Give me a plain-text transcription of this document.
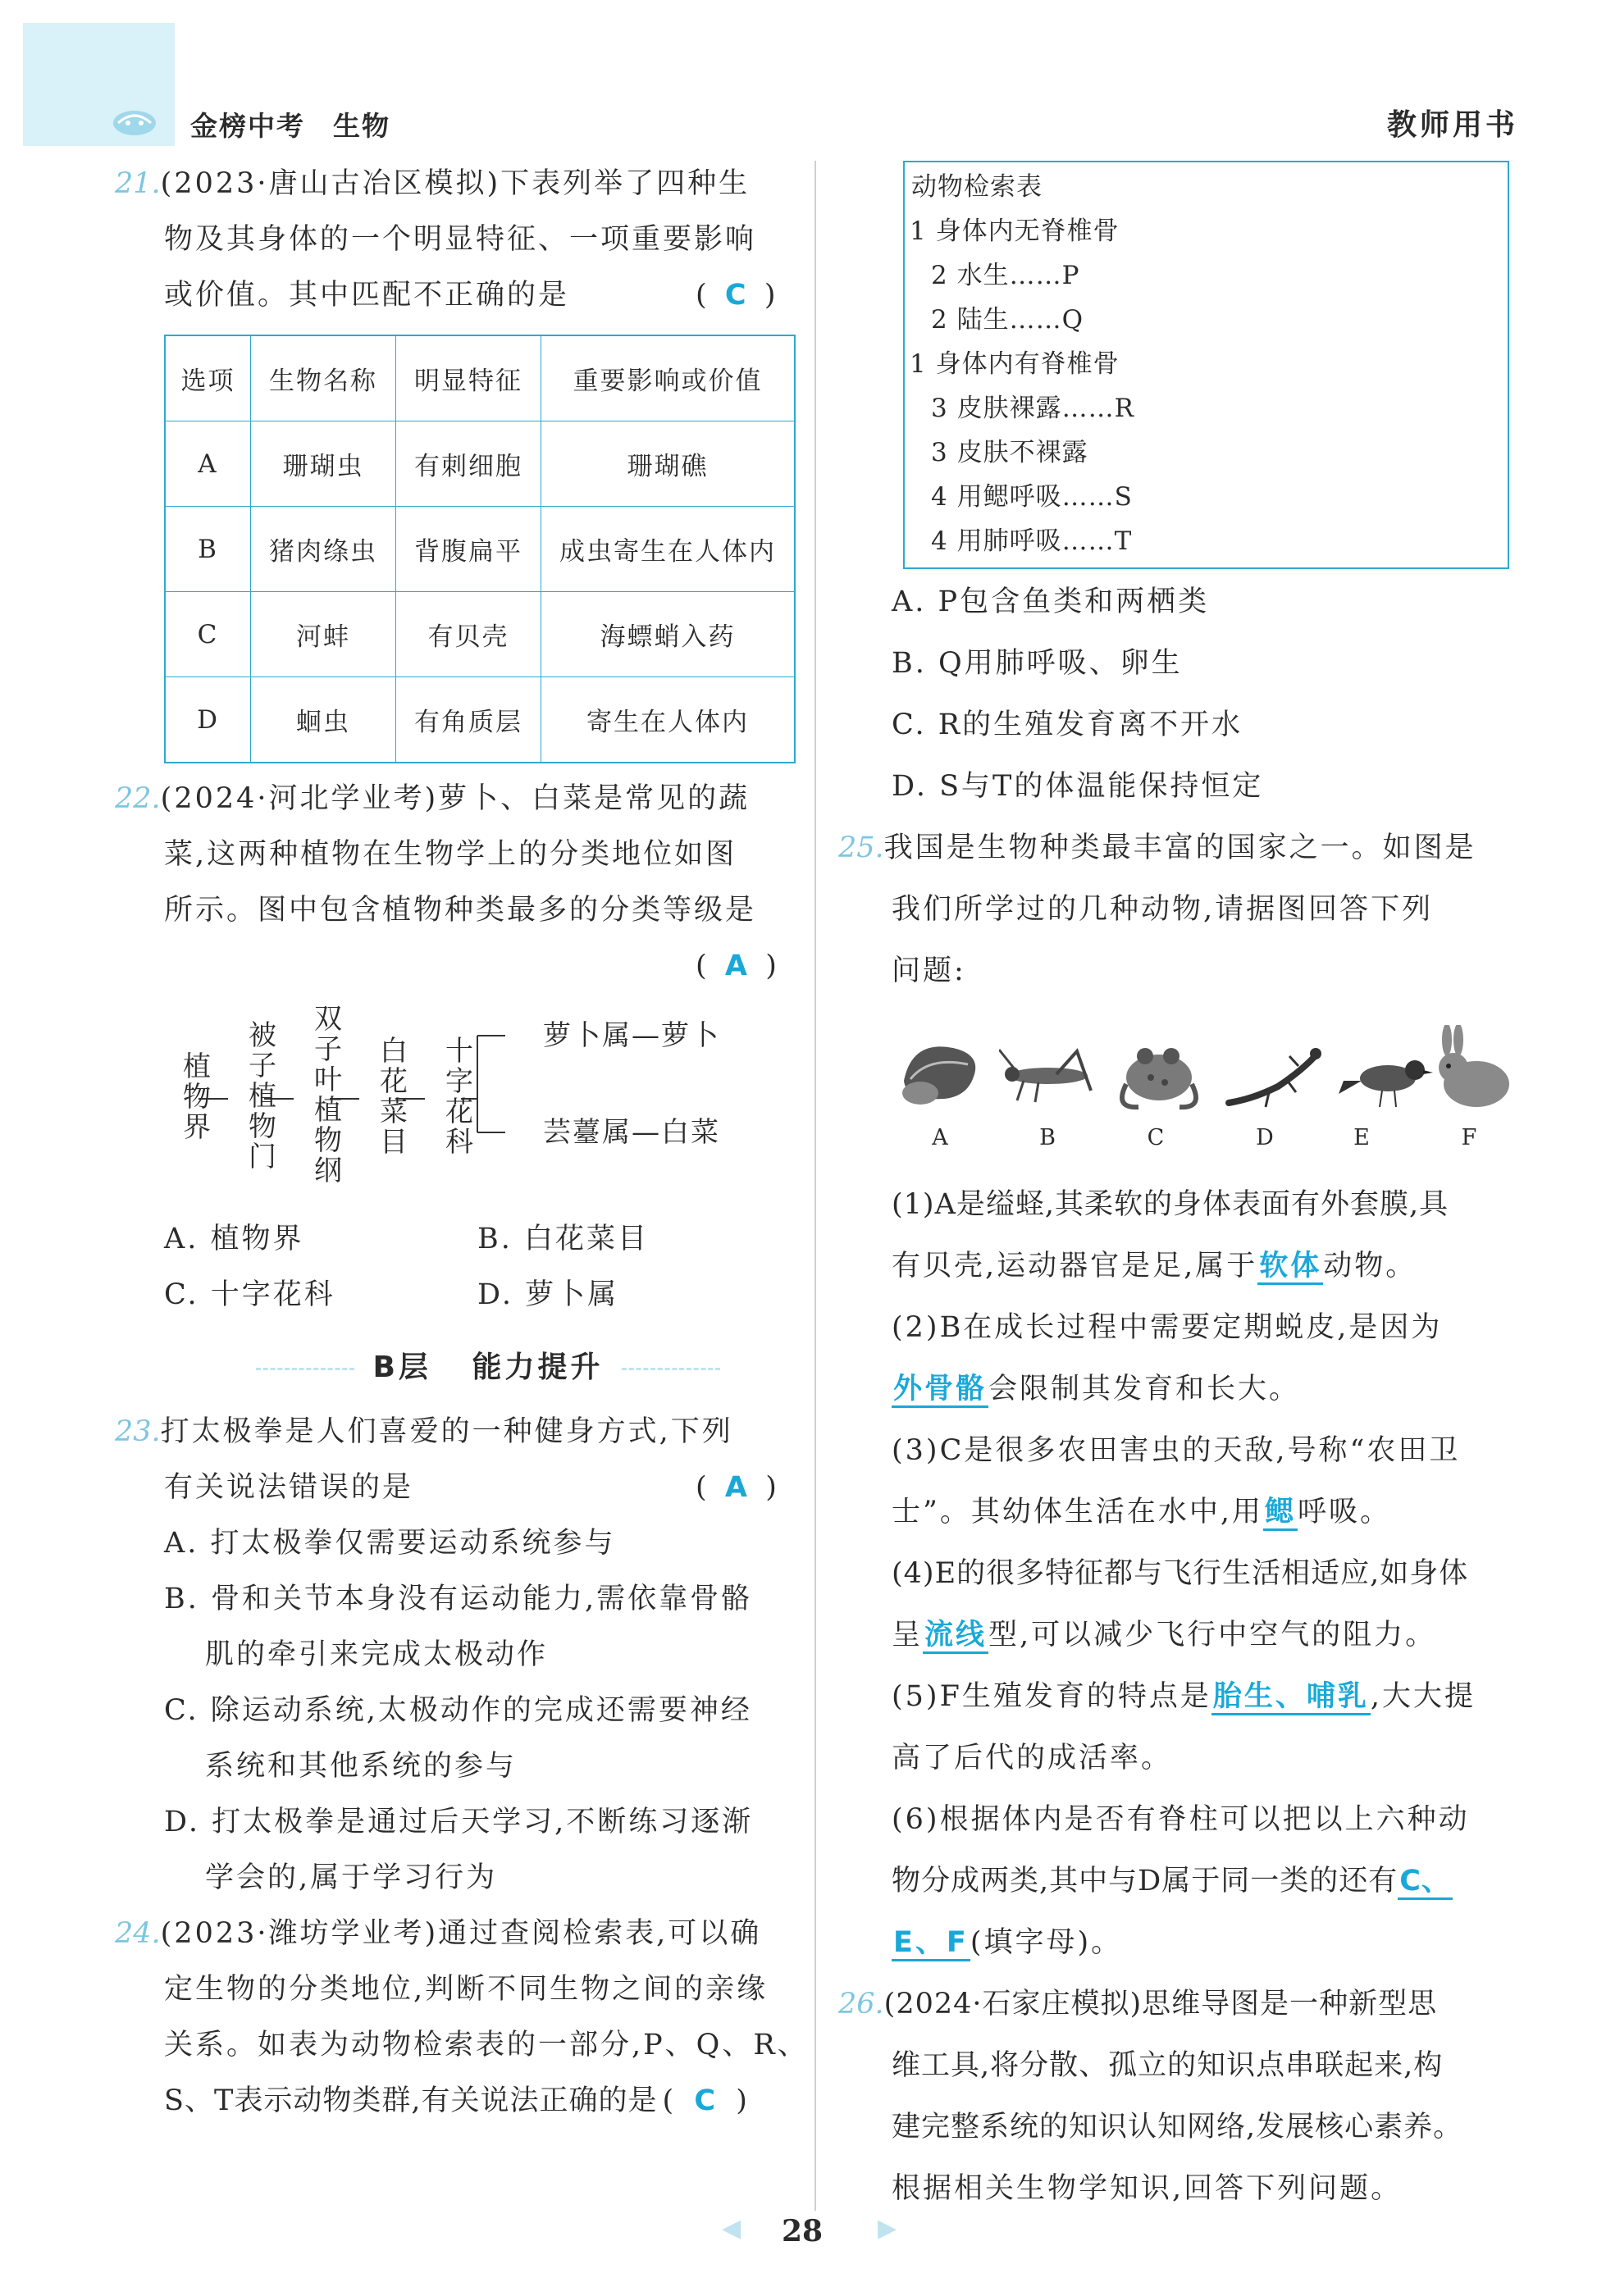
金榜中考 生物	教师用书
21.(2023·唐山古冶区模拟)下表列举了四种生
物及其身体的一个明显特征、一项重要影响
或价值。其中匹配不正确的是	(  C  )
选项	生物名称	明显特征	重要影响或价值
A	珊瑚虫	有刺细胞	珊瑚礁
B	猪肉绦虫	背腹扁平	成虫寄生在人体内
C	河蚌	有贝壳	海螵蛸入药
D	蛔虫	有角质层	寄生在人体内
22.(2024·河北学业考)萝卜、白菜是常见的蔬
菜,这两种植物在生物学上的分类地位如图
所示。图中包含植物种类最多的分类等级是
(  A  )
植
物
界
被
子
植
物
门
双
子
叶
植
物
纲
白
花
菜
目
十
字
花
科
萝卜属—萝卜
芸薹属—白菜
A. 植物界	B. 白花菜目
C. 十字花科	D. 萝卜属
B层 能力提升
23.打太极拳是人们喜爱的一种健身方式,下列
有关说法错误的是	(  A  )
A. 打太极拳仅需要运动系统参与
B. 骨和关节本身没有运动能力,需依靠骨骼
肌的牵引来完成太极动作
C. 除运动系统,太极动作的完成还需要神经
系统和其他系统的参与
D. 打太极拳是通过后天学习,不断练习逐渐
学会的,属于学习行为
24.(2023·潍坊学业考)通过查阅检索表,可以确
定生物的分类地位,判断不同生物之间的亲缘
关系。如表为动物检索表的一部分,P、Q、R、
S、T表示动物类群,有关说法正确的是 (  C  )
动物检索表
1 身体内无脊椎骨
2 水生……P
2 陆生……Q
1 身体内有脊椎骨
3 皮肤裸露……R
3 皮肤不裸露
4 用鳃呼吸……S
4 用肺呼吸……T
A. P包含鱼类和两栖类
B. Q用肺呼吸、卵生
C. R的生殖发育离不开水
D. S与T的体温能保持恒定
25.我国是生物种类最丰富的国家之一。如图是
我们所学过的几种动物,请据图回答下列
问题:
A	B	C	D	E	F
(1)A是缢蛏,其柔软的身体表面有外套膜,具
有贝壳,运动器官是足,属于软体动物。
(2)B在成长过程中需要定期蜕皮,是因为
外骨骼会限制其发育和长大。
(3)C是很多农田害虫的天敌,号称“农田卫
士”。其幼体生活在水中,用鳃呼吸。
(4)E的很多特征都与飞行生活相适应,如身体
呈流线型,可以减少飞行中空气的阻力。
(5)F生殖发育的特点是胎生、哺乳,大大提
高了后代的成活率。
(6)根据体内是否有脊柱可以把以上六种动
物分成两类,其中与D属于同一类的还有C、
E、F(填字母)。
26.(2024·石家庄模拟)思维导图是一种新型思
维工具,将分散、孤立的知识点串联起来,构
建完整系统的知识认知网络,发展核心素养。
根据相关生物学知识,回答下列问题。
◀ 28 ▶
